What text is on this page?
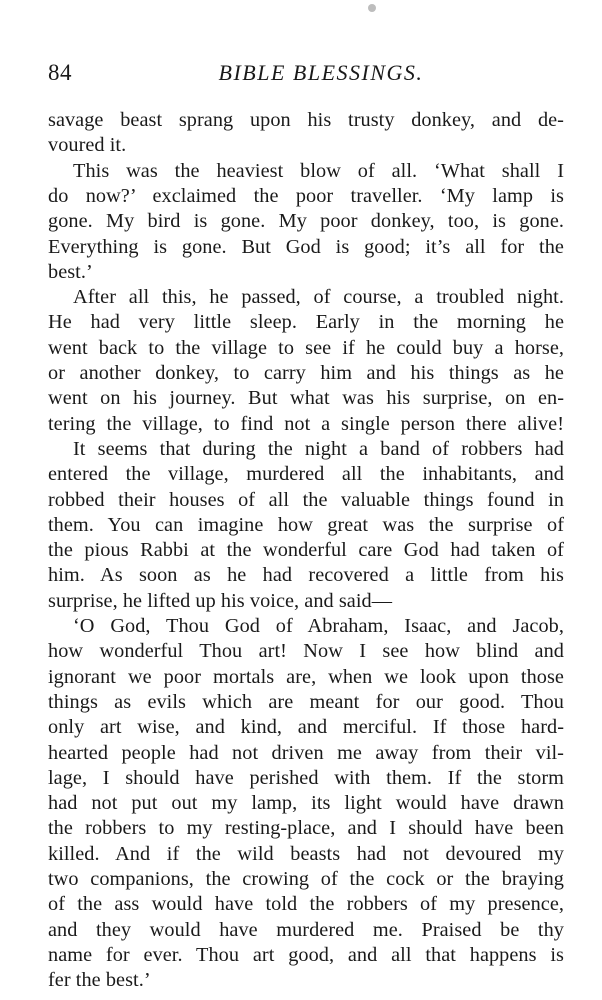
84	BIBLE BLESSINGS.
savage beast sprang upon his trusty donkey, and de-
voured it.
This was the heaviest blow of all. ‘What shall I
do now?’ exclaimed the poor traveller. ‘My lamp is
gone. My bird is gone. My poor donkey, too, is gone.
Everything is gone. But God is good; it’s all for the
best.’
After all this, he passed, of course, a troubled night.
He had very little sleep. Early in the morning he
went back to the village to see if he could buy a horse,
or another donkey, to carry him and his things as he
went on his journey. But what was his surprise, on en-
tering the village, to find not a single person there alive!
It seems that during the night a band of robbers had
entered the village, murdered all the inhabitants, and
robbed their houses of all the valuable things found in
them. You can imagine how great was the surprise of
the pious Rabbi at the wonderful care God had taken of
him. As soon as he had recovered a little from his
surprise, he lifted up his voice, and said—
‘O God, Thou God of Abraham, Isaac, and Jacob,
how wonderful Thou art! Now I see how blind and
ignorant we poor mortals are, when we look upon those
things as evils which are meant for our good. Thou
only art wise, and kind, and merciful. If those hard-
hearted people had not driven me away from their vil-
lage, I should have perished with them. If the storm
had not put out my lamp, its light would have drawn
the robbers to my resting-place, and I should have been
killed. And if the wild beasts had not devoured my
two companions, the crowing of the cock or the braying
of the ass would have told the robbers of my presence,
and they would have murdered me. Praised be thy
name for ever. Thou art good, and all that happens is
fer the best.’
